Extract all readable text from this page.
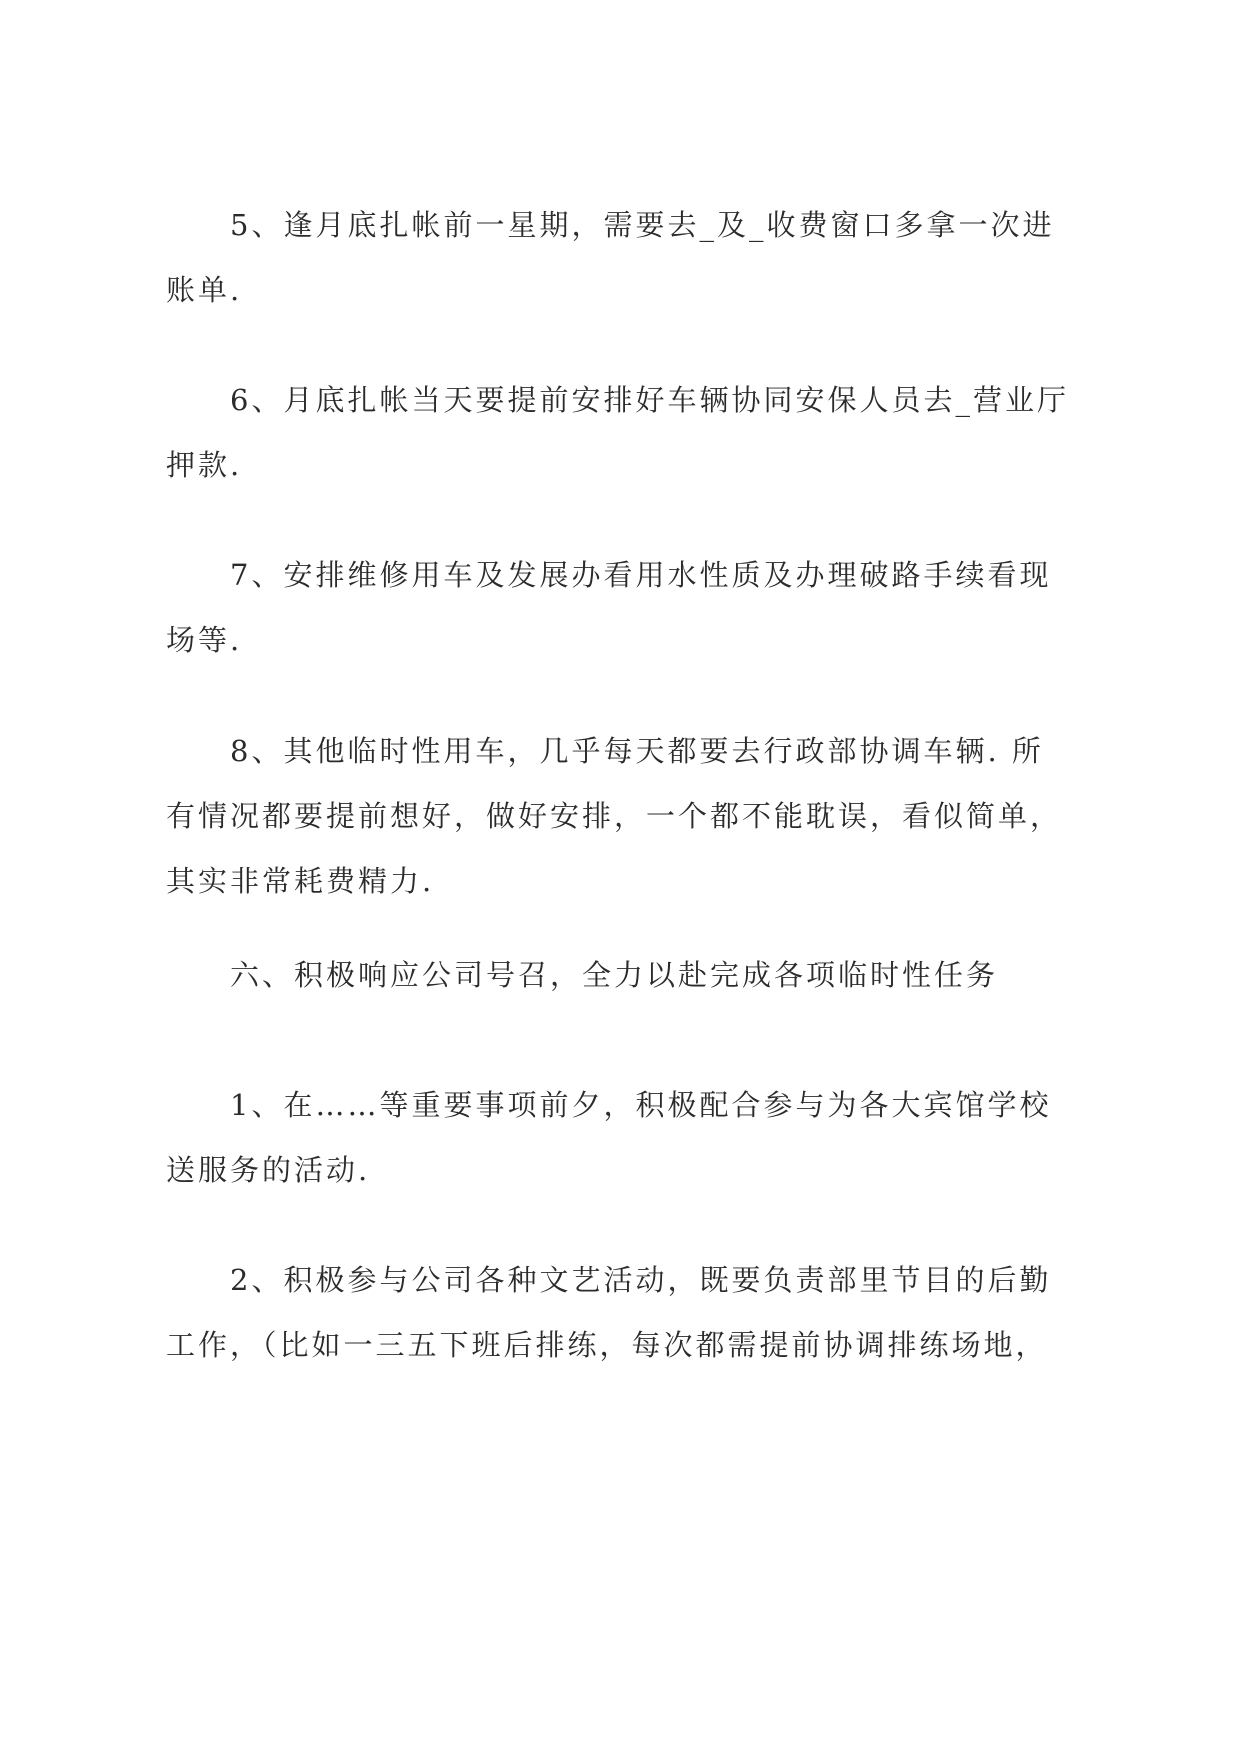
5、逢月底扎帐前一星期，需要去_及_收费窗口多拿一次进
账单.
6、月底扎帐当天要提前安排好车辆协同安保人员去_营业厅
押款.
7、安排维修用车及发展办看用水性质及办理破路手续看现
场等.
8、其他临时性用车，几乎每天都要去行政部协调车辆. 所
有情况都要提前想好，做好安排，一个都不能耽误，看似简单，
其实非常耗费精力.
六、积极响应公司号召，全力以赴完成各项临时性任务
1、在……等重要事项前夕，积极配合参与为各大宾馆学校
送服务的活动.
2、积极参与公司各种文艺活动，既要负责部里节目的后勤
工作，（比如一三五下班后排练，每次都需提前协调排练场地，
